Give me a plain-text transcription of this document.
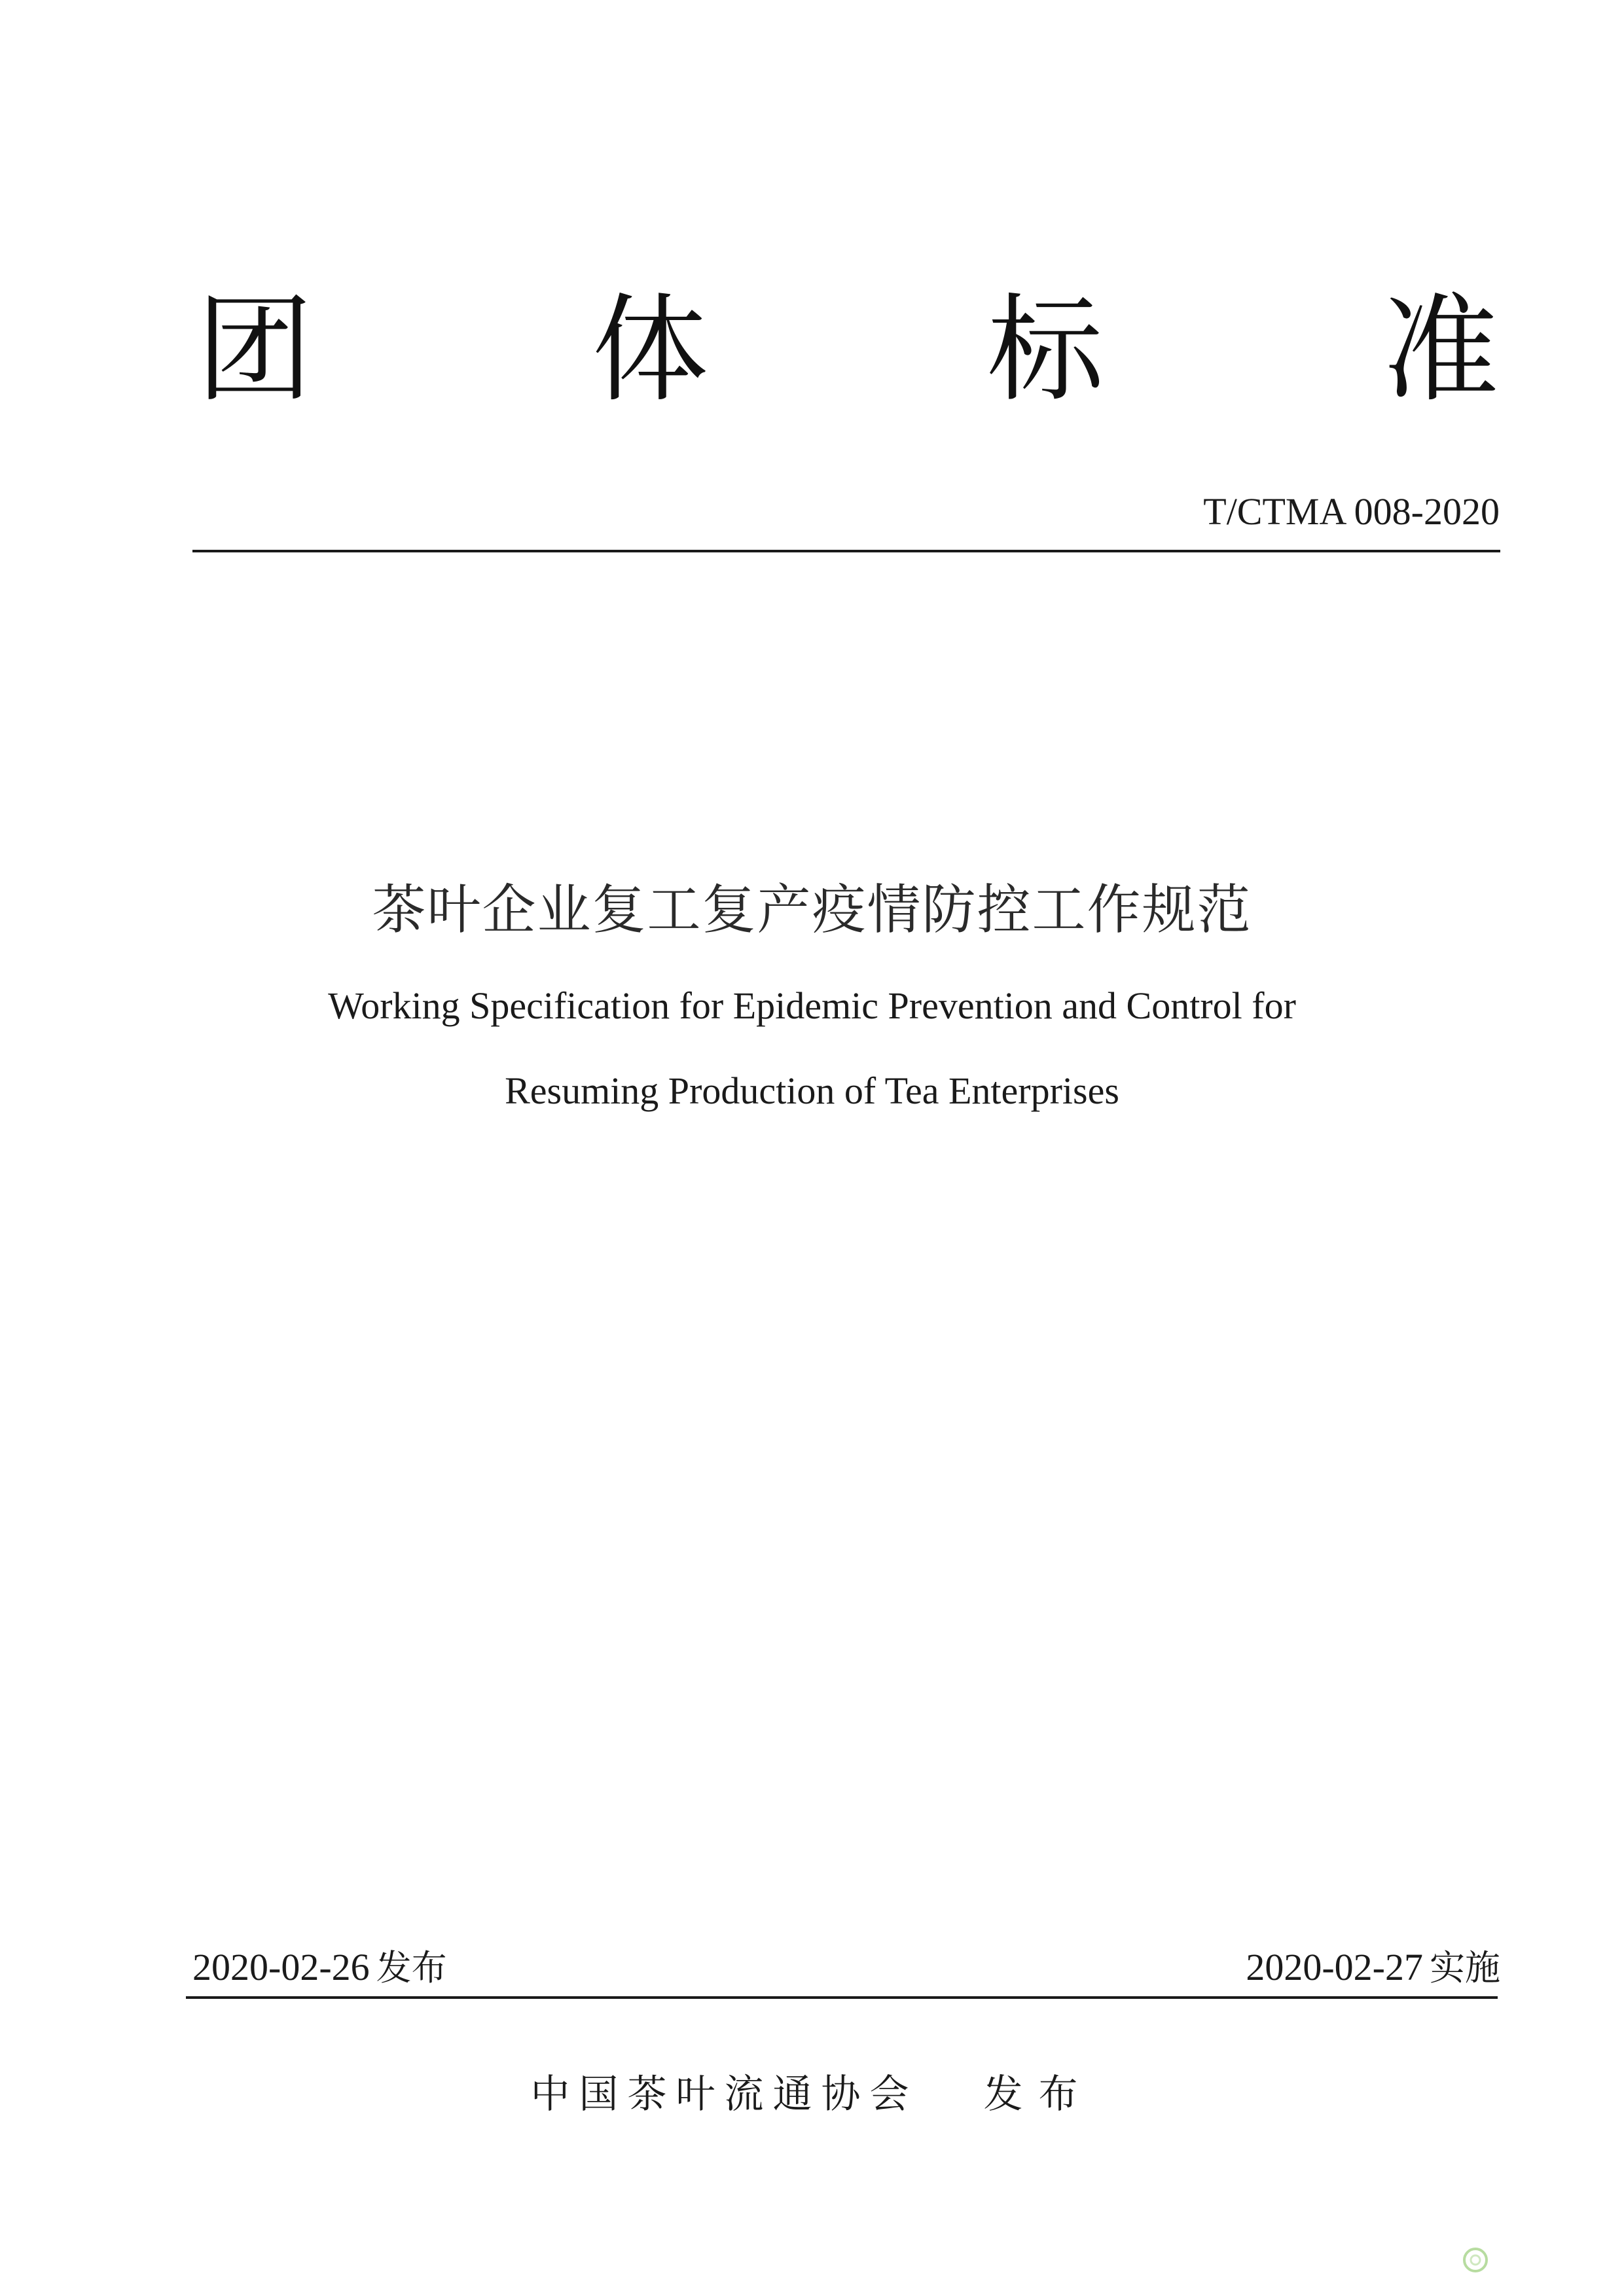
团 体 标 准
T/CTMA 008-2020
茶叶企业复工复产疫情防控工作规范
Working Specification for Epidemic Prevention and Control for
Resuming Production of Tea Enterprises
2020-02-26 发布	2020-02-27 实施
中国茶叶流通协会 发布
